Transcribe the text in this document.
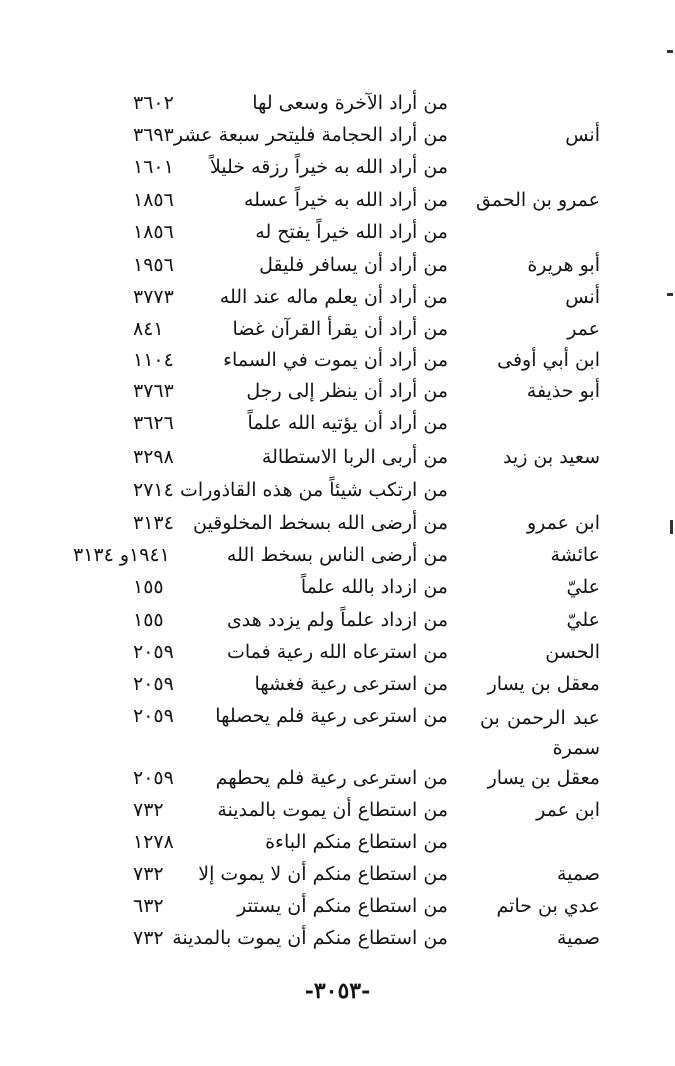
من أراد الآخرة وسعى لها
٣٦٠٢
أنس
من أراد الحجامة فليتحر سبعة عشر
٣٦٩٣
من أراد الله به خيراً رزقه خليلاً
١٦٠١
عمرو بن الحمق
من أراد الله به خيراً عسله
١٨٥٦
من أراد الله خيراً يفتح له
١٨٥٦
أبو هريرة
من أراد أن يسافر فليقل
١٩٥٦
أنس
من أراد أن يعلم ماله عند الله
٣٧٧٣
عمر
من أراد أن يقرأ القرآن غضا
٨٤١
ابن أبي أوفى
من أراد أن يموت في السماء
١١٠٤
أبو حذيفة
من أراد أن ينظر إلى رجل
٣٧٦٣
من أراد أن يؤتيه الله علماً
٣٦٢٦
سعيد بن زيد
من أربى الربا الاستطالة
٣٢٩٨
من ارتكب شيئاً من هذه القاذورات
٢٧١٤
ابن عمرو
من أرضى الله بسخط المخلوقين
٣١٣٤
عائشة
من أرضى الناس بسخط الله
١٩٤١و ٣١٣٤
عليّ
من ازداد بالله علماً
١٥٥
عليّ
من ازداد علماً ولم يزدد هدى
١٥٥
الحسن
من استرعاه الله رعية فمات
٢٠٥٩
معقل بن يسار
من استرعى رعية فغشها
٢٠٥٩
عبد الرحمن بن سمرة
من استرعى رعية فلم يحصلها
٢٠٥٩
معقل بن يسار
من استرعى رعية فلم يحطهم
٢٠٥٩
ابن عمر
من استطاع أن يموت بالمدينة
٧٣٢
من استطاع منكم الباءة
١٢٧٨
صمية
من استطاع منكم أن لا يموت إلا
٧٣٢
عدي بن حاتم
من استطاع منكم أن يستتر
٦٣٢
صمية
من استطاع منكم أن يموت بالمدينة
٧٣٢
-٣٠٥٣-
